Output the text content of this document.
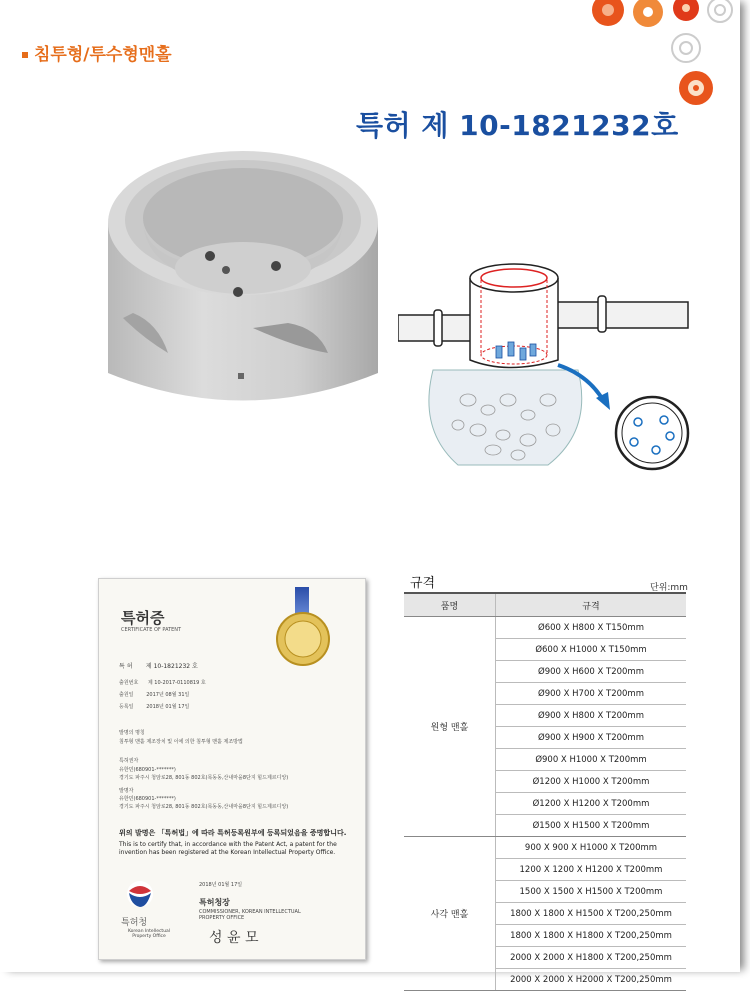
침투형/투수형맨홀
특허 제 10-1821232호
특허증
CERTIFICATE OF PATENT
특 허 제 10-1821232 호
출원번호 제 10-2017-0110819 호
출원일	2017년 08월 31일
등록일	2018년 01월 17일
발명의 명칭
침투형 맨홀 제조장치 및 이에 의한 침투형 맨홀 제조방법
특허권자
유한민(680901-*******)
경기도 파주시 청암로28, 801동 802호(목동동,산내마을8단지 힐드제르디앙)
발명자
유한민(680901-*******)
경기도 파주시 청암로28, 801동 802호(목동동,산내마을8단지 힐드제르디앙)
위의 발명은 「특허법」에 따라 특허등록원부에 등록되었음을 증명합니다.
This is to certify that, in accordance with the Patent Act, a patent for the invention has been registered at the Korean Intellectual Property Office.
2018년 01월 17일
특허청장
COMMISSIONER, KOREAN INTELLECTUAL PROPERTY OFFICE
성 윤 모
특허청
Korean Intellectual Property Office
규격	단위:mm
품명	규격
원형 맨홀	Ø600 X H800 X T150mm
	Ø600 X H1000 X T150mm
	Ø900 X H600 X T200mm
	Ø900 X H700 X T200mm
	Ø900 X H800 X T200mm
	Ø900 X H900 X T200mm
	Ø900 X H1000 X T200mm
	Ø1200 X H1000 X T200mm
	Ø1200 X H1200 X T200mm
	Ø1500 X H1500 X T200mm
사각 맨홀	900 X 900 X H1000 X T200mm
	1200 X 1200 X H1200 X T200mm
	1500 X 1500 X H1500 X T200mm
	1800 X 1800 X H1500 X T200,250mm
	1800 X 1800 X H1800 X T200,250mm
	2000 X 2000 X H1800 X T200,250mm
	2000 X 2000 X H2000 X T200,250mm
